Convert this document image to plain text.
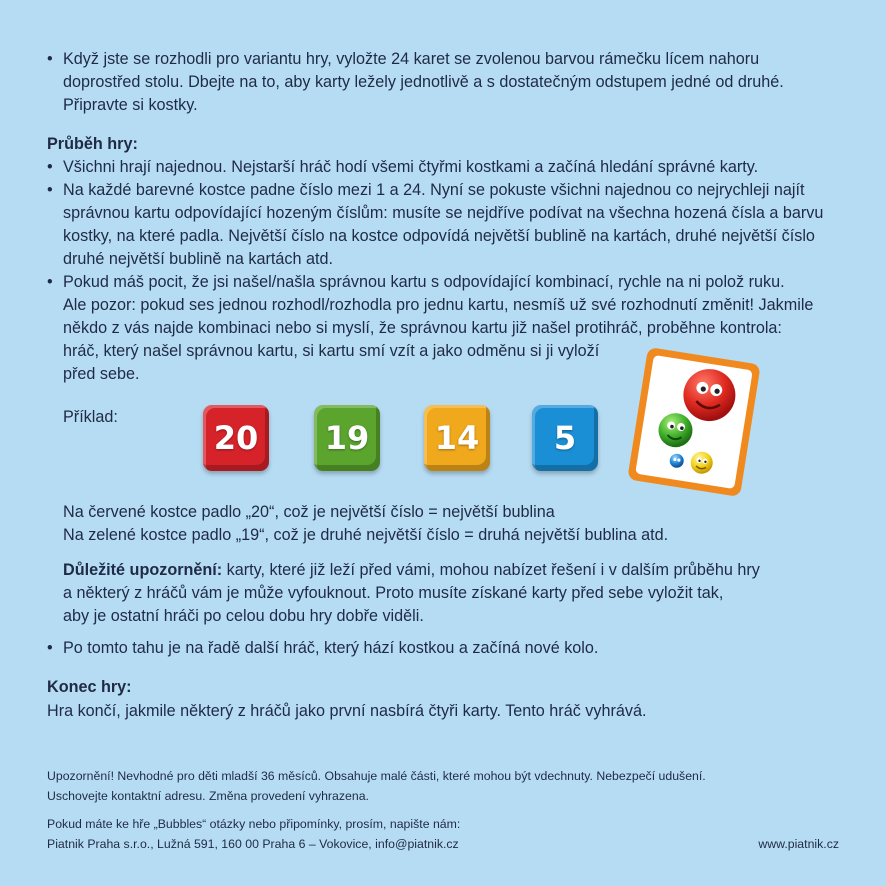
• Když jste se rozhodli pro variantu hry, vyložte 24 karet se zvolenou barvou rámečku lícem nahoru
doprostřed stolu. Dbejte na to, aby karty ležely jednotlivě a s dostatečným odstupem jedné od druhé.
Připravte si kostky.
Průběh hry:
• Všichni hrají najednou. Nejstarší hráč hodí všemi čtyřmi kostkami a začíná hledání správné karty.
• Na každé barevné kostce padne číslo mezi 1 a 24. Nyní se pokuste všichni najednou co nejrychleji najít
správnou kartu odpovídající hozeným číslům: musíte se nejdříve podívat na všechna hozená čísla a barvu
kostky, na které padla. Největší číslo na kostce odpovídá největší bublině na kartách, druhé největší číslo
druhé největší bublině na kartách atd.
• Pokud máš pocit, že jsi našel/našla správnou kartu s odpovídající kombinací, rychle na ni polož ruku.
Ale pozor: pokud ses jednou rozhodl/rozhodla pro jednu kartu, nesmíš už své rozhodnutí změnit! Jakmile
někdo z vás najde kombinaci nebo si myslí, že správnou kartu již našel protihráč, proběhne kontrola:
hráč, který našel správnou kartu, si kartu smí vzít a jako odměnu si ji vyloží
před sebe.
Příklad:
20	19	14	5
Na červené kostce padlo „20“, což je největší číslo = největší bublina
Na zelené kostce padlo „19“, což je druhé největší číslo = druhá největší bublina atd.
Důležité upozornění: karty, které již leží před vámi, mohou nabízet řešení i v dalším průběhu hry
a některý z hráčů vám je může vyfouknout. Proto musíte získané karty před sebe vyložit tak,
aby je ostatní hráči po celou dobu hry dobře viděli.
• Po tomto tahu je na řadě další hráč, který hází kostkou a začíná nové kolo.
Konec hry:
Hra končí, jakmile některý z hráčů jako první nasbírá čtyři karty. Tento hráč vyhrává.
Upozornění! Nevhodné pro děti mladší 36 měsíců. Obsahuje malé části, které mohou být vdechnuty. Nebezpečí udušení.
Uschovejte kontaktní adresu. Změna provedení vyhrazena.
Pokud máte ke hře „Bubbles“ otázky nebo připomínky, prosím, napište nám:
Piatnik Praha s.r.o., Lužná 591, 160 00 Praha 6 – Vokovice, info@piatnik.cz	www.piatnik.cz
